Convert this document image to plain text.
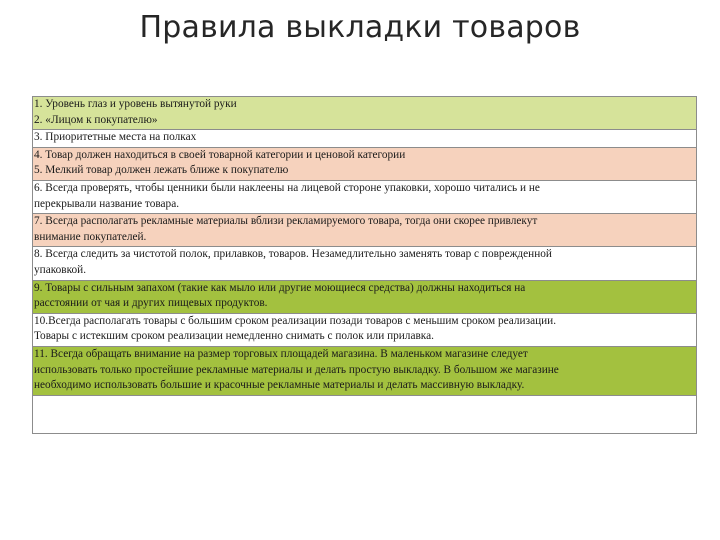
Правила выкладки товаров
1. Уровень глаз и уровень вытянутой руки
2. «Лицом к покупателю»

3. Приоритетные места на полках

4. Товар должен находиться в своей товарной категории и ценовой категории
5. Мелкий товар должен лежать ближе к покупателю

6. Всегда проверять, чтобы ценники были наклеены на лицевой стороне упаковки, хорошо читались и не
перекрывали название товара.

7. Всегда располагать рекламные материалы вблизи рекламируемого товара, тогда они скорее привлекут
внимание покупателей.

8. Всегда следить за чистотой полок, прилавков, товаров. Незамедлительно заменять товар с поврежденной
упаковкой.

9. Товары с сильным запахом (такие как мыло или другие моющиеся средства) должны находиться на
расстоянии от чая и других пищевых продуктов.

10.Всегда располагать товары с большим сроком реализации позади товаров с меньшим сроком реализации.
Товары с истекшим сроком реализации немедленно снимать с полок или прилавка.

11. Всегда обращать внимание на размер торговых площадей магазина. В маленьком магазине следует
использовать только простейшие рекламные материалы и делать простую выкладку. В большом же магазине
необходимо использовать большие и красочные рекламные материалы и делать массивную выкладку.
